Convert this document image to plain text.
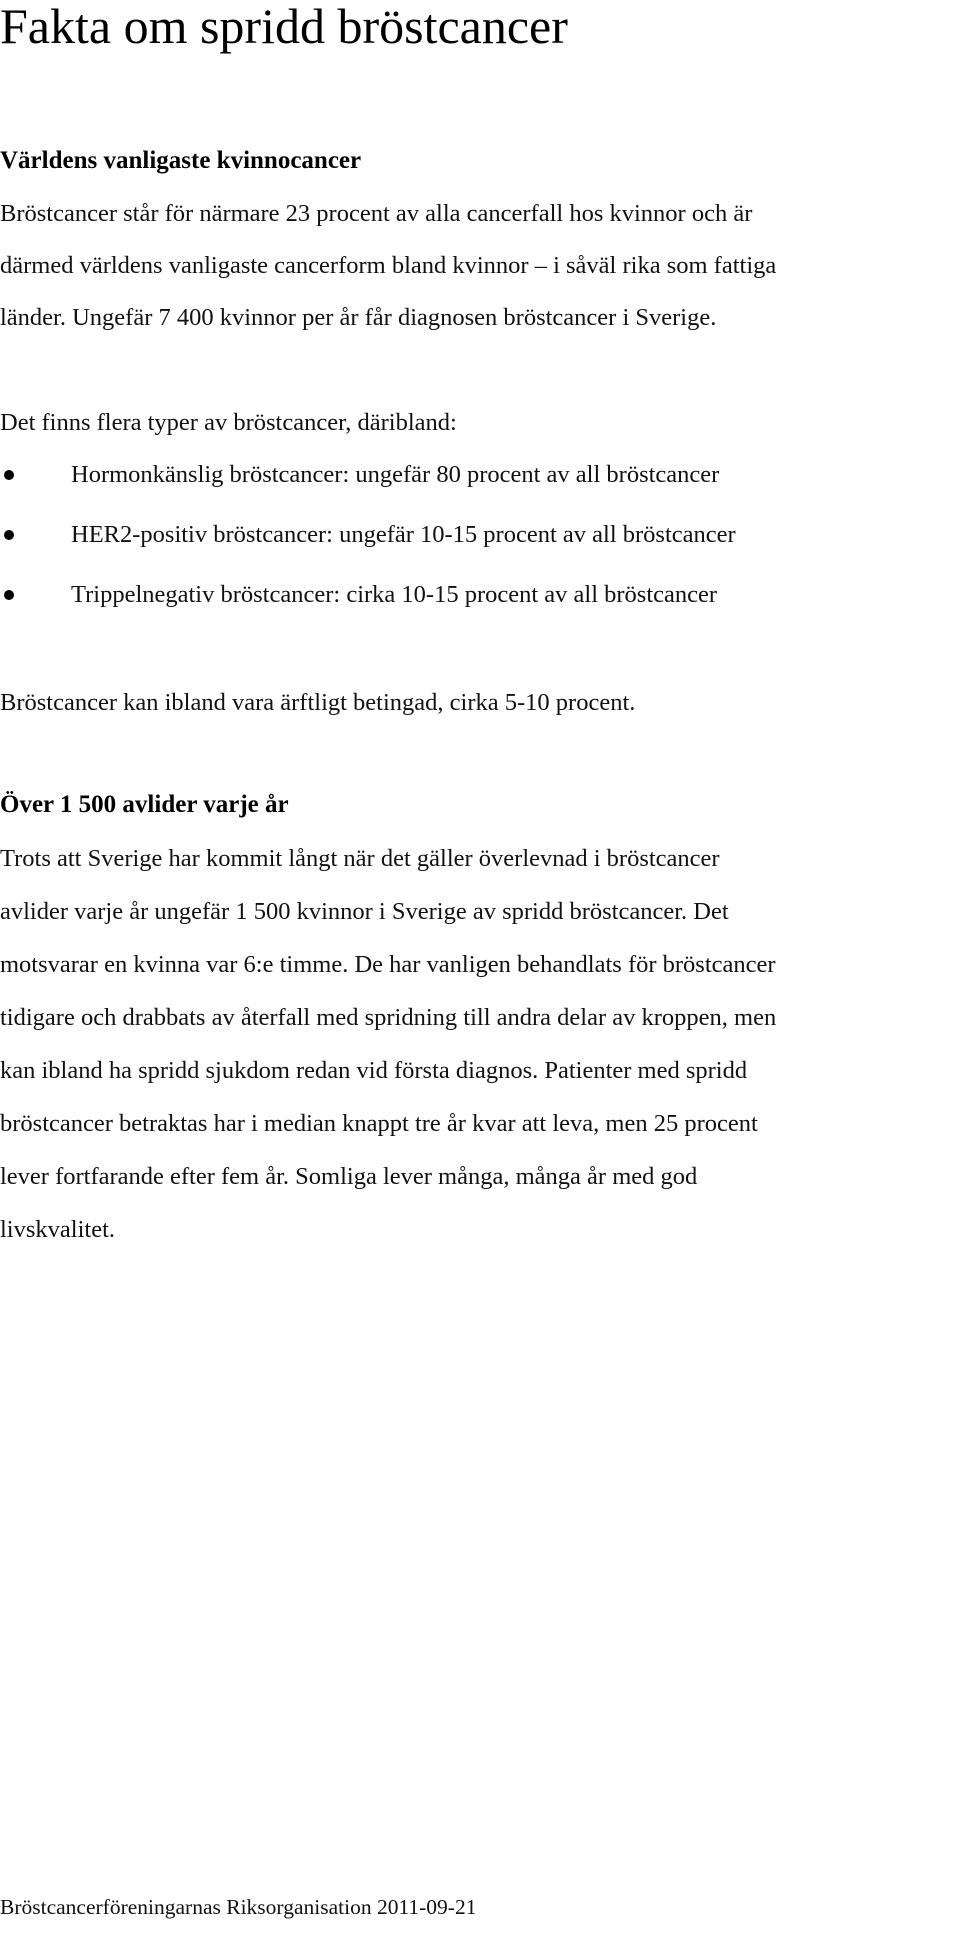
Fakta om spridd bröstcancer
Världens vanligaste kvinnocancer
Bröstcancer står för närmare 23 procent av alla cancerfall hos kvinnor och är
därmed världens vanligaste cancerform bland kvinnor – i såväl rika som fattiga
länder. Ungefär 7 400 kvinnor per år får diagnosen bröstcancer i Sverige.

Det finns flera typer av bröstcancer, däribland:

Hormonkänslig bröstcancer: ungefär 80 procent av all bröstcancer
HER2-positiv bröstcancer: ungefär 10-15 procent av all bröstcancer
Trippelnegativ bröstcancer: cirka 10-15 procent av all bröstcancer

Bröstcancer kan ibland vara ärftligt betingad, cirka 5-10 procent.

Över 1 500 avlider varje år
Trots att Sverige har kommit långt när det gäller överlevnad i bröstcancer
avlider varje år ungefär 1 500 kvinnor i Sverige av spridd bröstcancer. Det
motsvarar en kvinna var 6:e timme. De har vanligen behandlats för bröstcancer
tidigare och drabbats av återfall med spridning till andra delar av kroppen, men
kan ibland ha spridd sjukdom redan vid första diagnos. Patienter med spridd
bröstcancer betraktas har i median knappt tre år kvar att leva, men 25 procent
lever fortfarande efter fem år. Somliga lever många, många år med god
livskvalitet.

Bröstcancerföreningarnas Riksorganisation 2011-09-21
